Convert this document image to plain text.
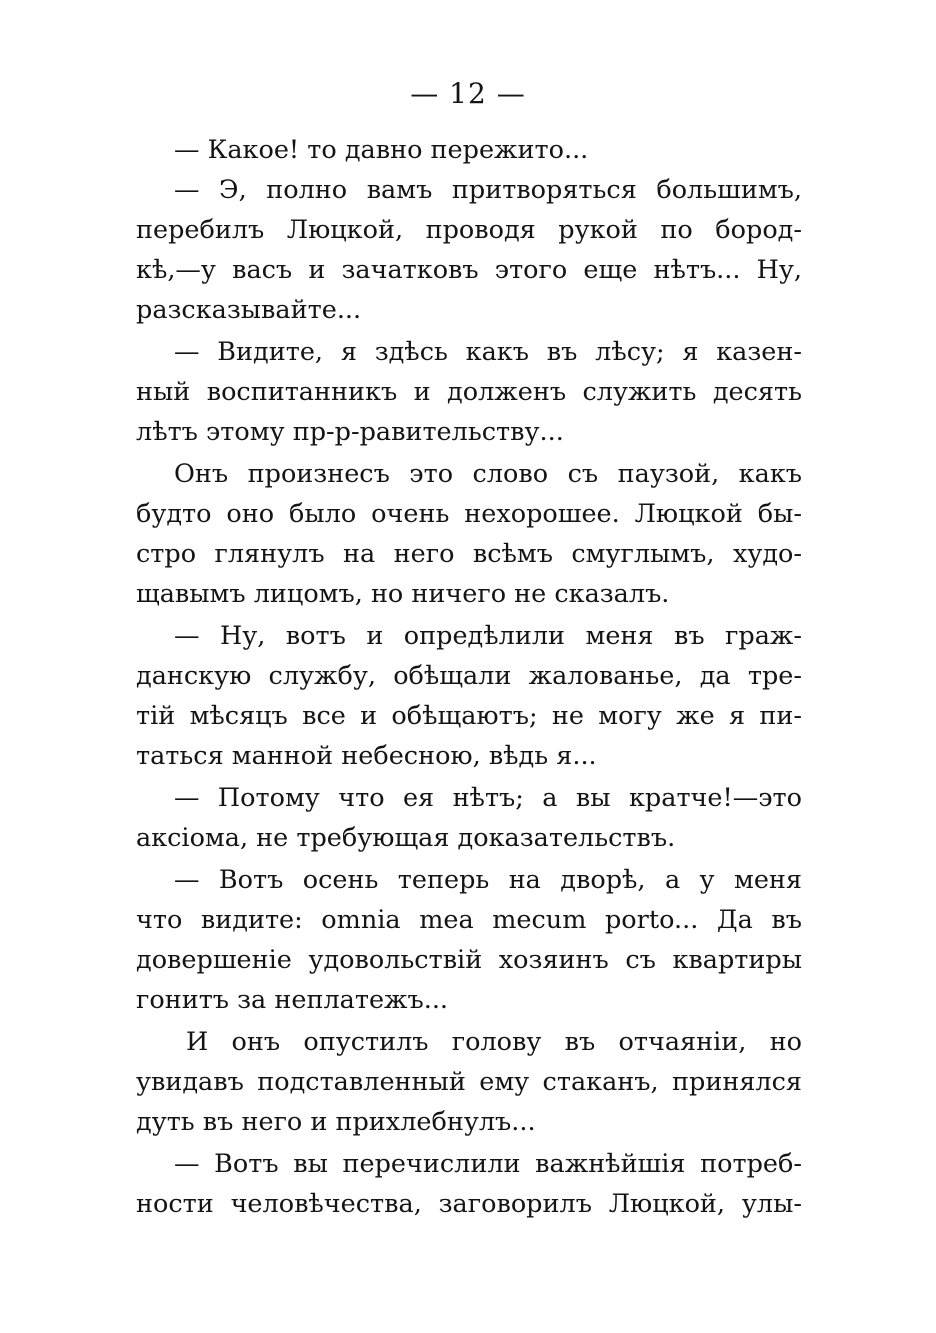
— 12 —
— Какое! то давно пережито...
— Э, полно вамъ притворяться большимъ,
перебилъ Люцкой, проводя рукой по бород-
кѣ,—у васъ и зачатковъ этого еще нѣтъ... Ну,
разсказывайте...
— Видите, я здѣсь какъ въ лѣсу; я казен-
ный воспитанникъ и долженъ служить десять
лѣтъ этому пр-р-равительству...
Онъ произнесъ это слово съ паузой, какъ
будто оно было очень нехорошее. Люцкой бы-
стро глянулъ на него всѣмъ смуглымъ, худо-
щавымъ лицомъ, но ничего не сказалъ.
— Ну, вотъ и опредѣлили меня въ граж-
данскую службу, обѣщали жалованье, да тре-
тій мѣсяцъ все и обѣщаютъ; не могу же я пи-
таться манной небесною, вѣдь я...
— Потому что ея нѣтъ; а вы кратче!—это
аксіома, не требующая доказательствъ.
— Вотъ осень теперь на дворѣ, а у меня
что видите: omnia mea mecum porto... Да въ
довершеніе удовольствій хозяинъ съ квартиры
гонитъ за неплатежъ...
И онъ опустилъ голову въ отчаяніи, но
увидавъ подставленный ему стаканъ, принялся
дуть въ него и прихлебнулъ...
— Вотъ вы перечислили важнѣйшія потреб-
ности человѣчества, заговорилъ Люцкой, улы-
